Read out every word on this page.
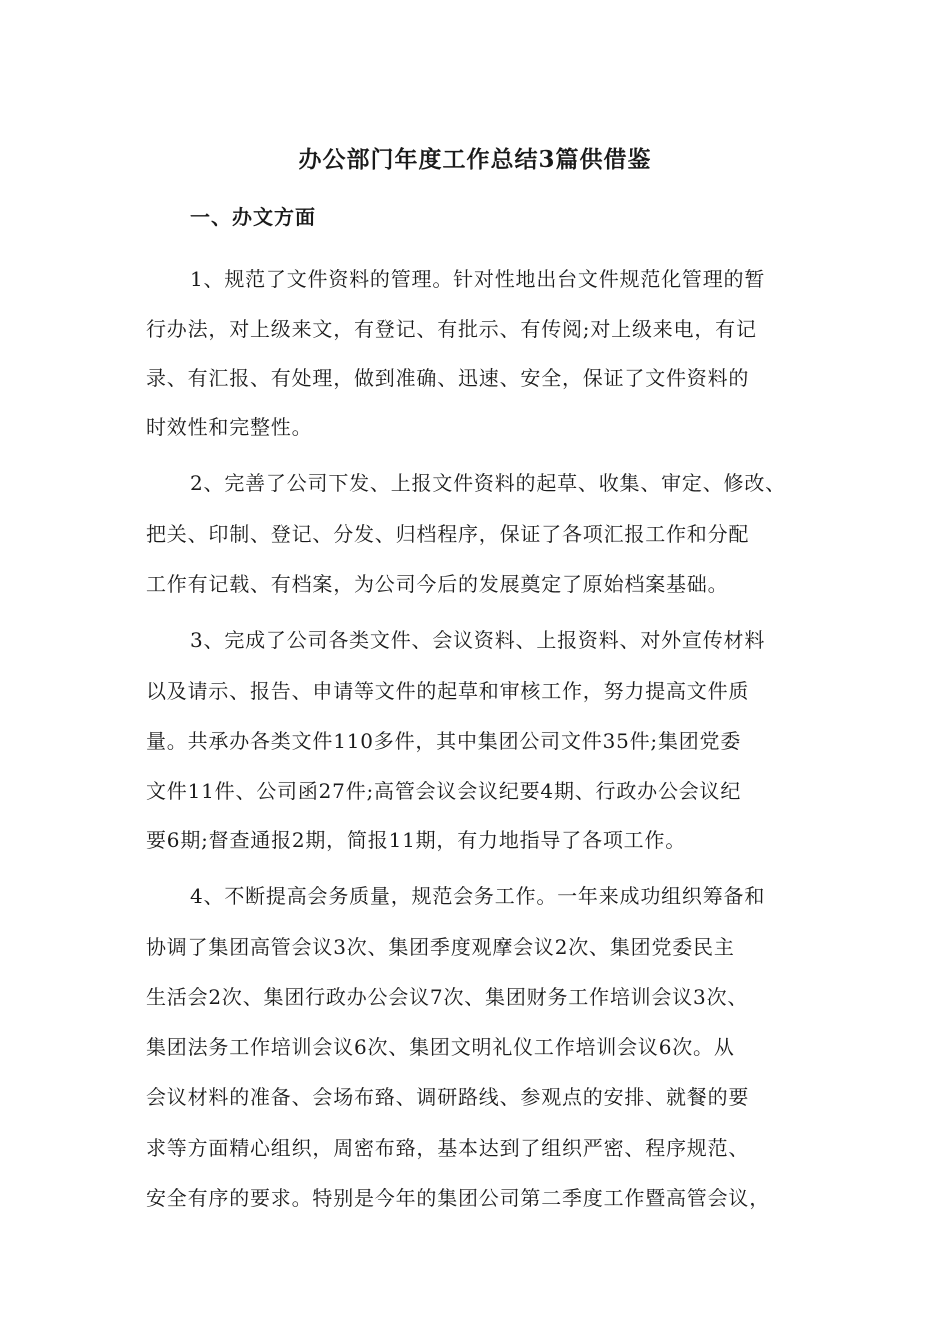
办公部门年度工作总结3篇供借鉴
一、办文方面
1、规范了文件资料的管理。针对性地出台文件规范化管理的暂
行办法，对上级来文，有登记、有批示、有传阅;对上级来电，有记
录、有汇报、有处理，做到准确、迅速、安全，保证了文件资料的
时效性和完整性。
2、完善了公司下发、上报文件资料的起草、收集、审定、修改、
把关、印制、登记、分发、归档程序，保证了各项汇报工作和分配
工作有记载、有档案，为公司今后的发展奠定了原始档案基础。
3、完成了公司各类文件、会议资料、上报资料、对外宣传材料
以及请示、报告、申请等文件的起草和审核工作，努力提高文件质
量。共承办各类文件110多件，其中集团公司文件35件;集团党委
文件11件、公司函27件;高管会议会议纪要4期、行政办公会议纪
要6期;督查通报2期，简报11期，有力地指导了各项工作。
4、不断提高会务质量，规范会务工作。一年来成功组织筹备和
协调了集团高管会议3次、集团季度观摩会议2次、集团党委民主
生活会2次、集团行政办公会议7次、集团财务工作培训会议3次、
集团法务工作培训会议6次、集团文明礼仪工作培训会议6次。从
会议材料的准备、会场布臵、调研路线、参观点的安排、就餐的要
求等方面精心组织，周密布臵，基本达到了组织严密、程序规范、
安全有序的要求。特别是今年的集团公司第二季度工作暨高管会议，
